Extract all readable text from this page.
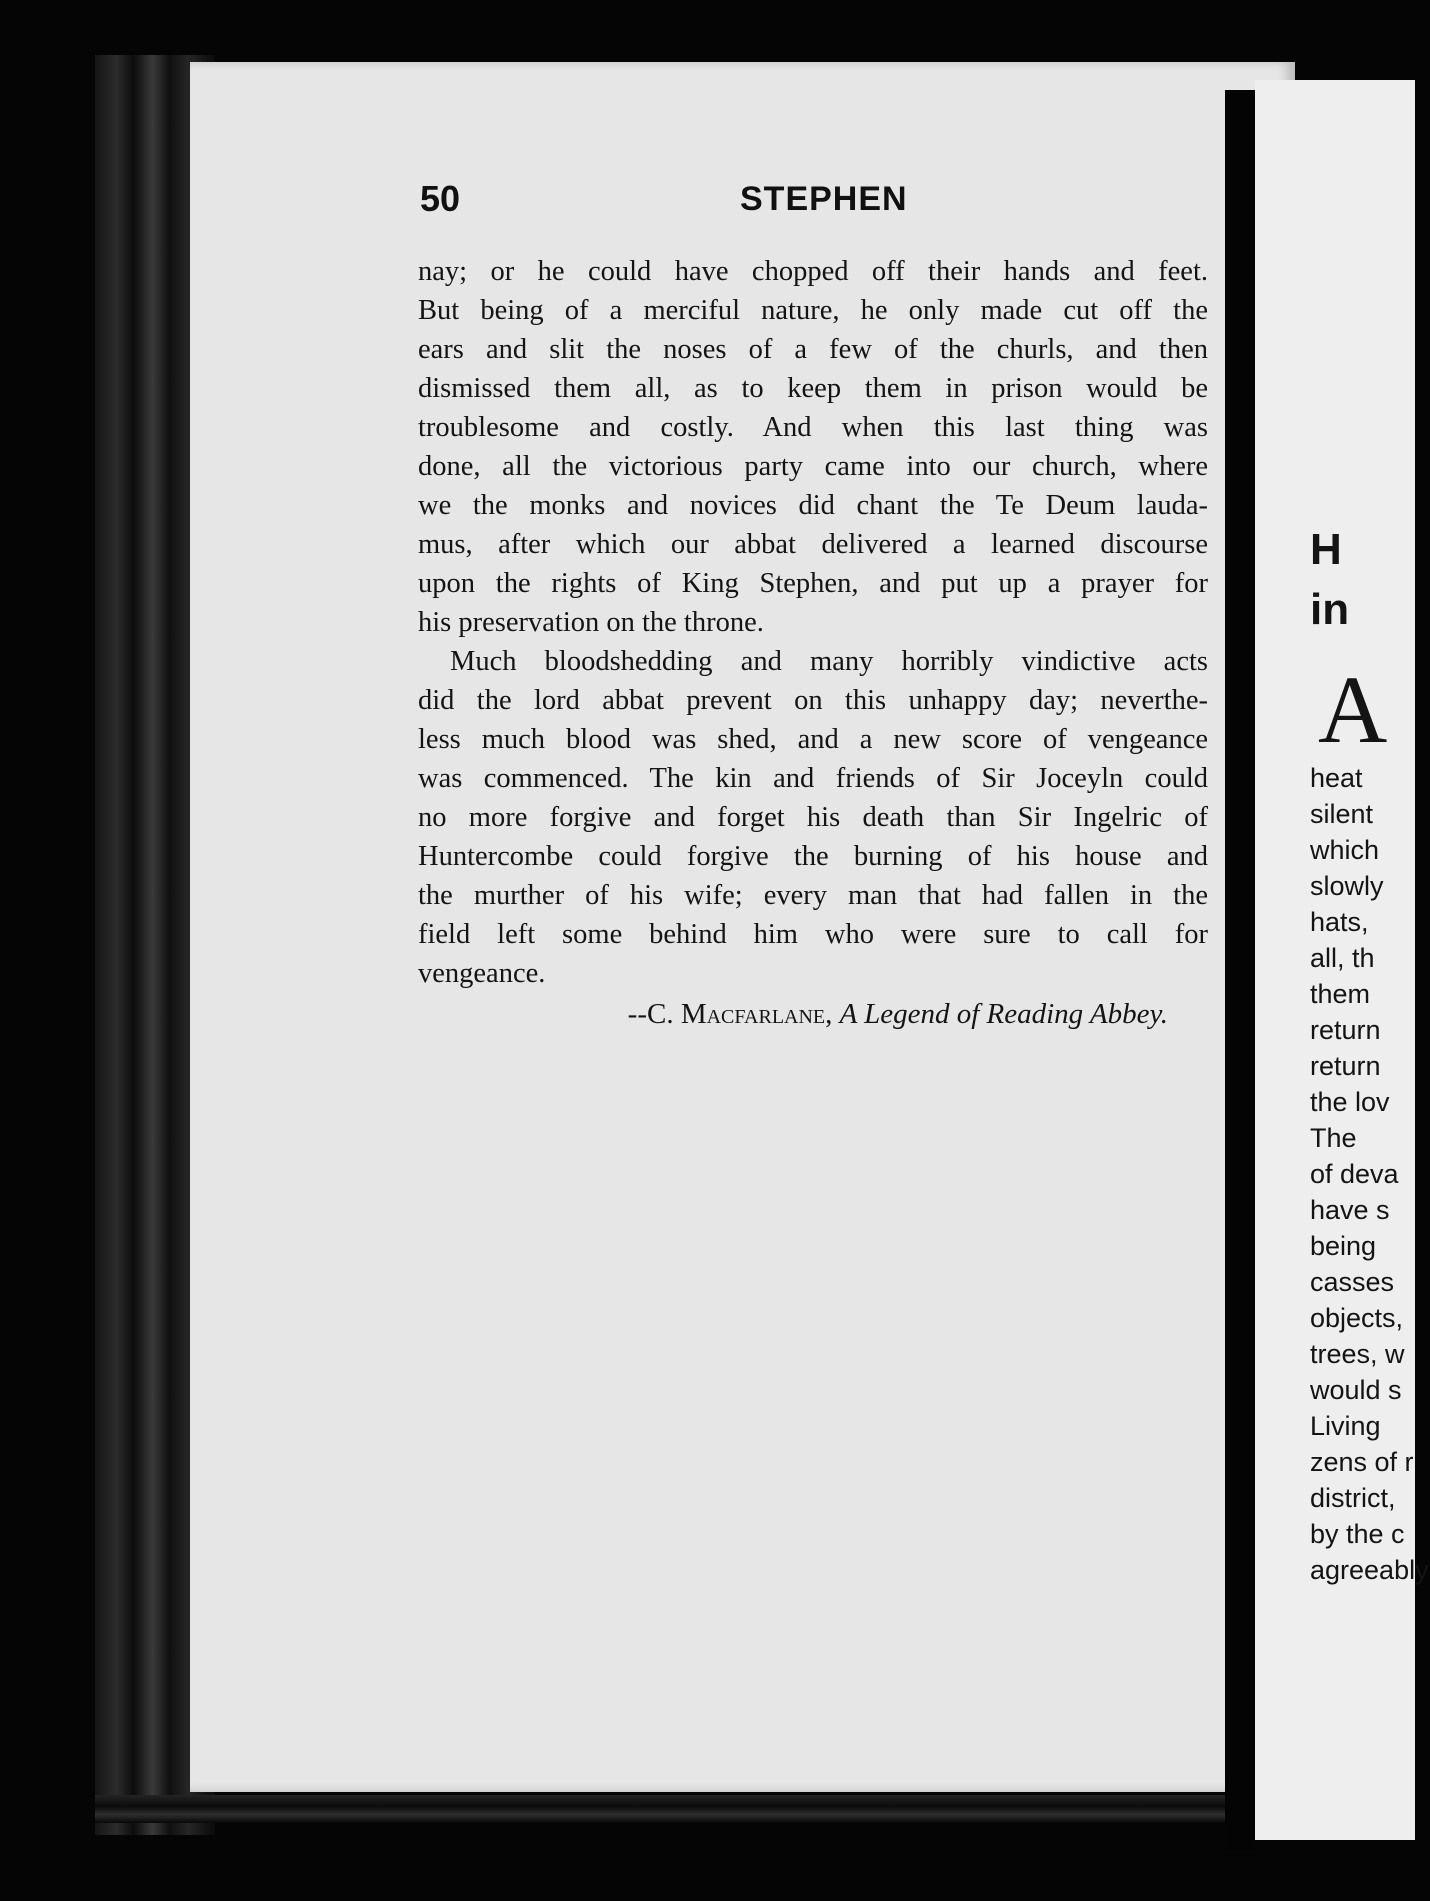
50	STEPHEN
nay; or he could have chopped off their hands and feet.
But being of a merciful nature, he only made cut off the
ears and slit the noses of a few of the churls, and then
dismissed them all, as to keep them in prison would be
troublesome and costly. And when this last thing was
done, all the victorious party came into our church, where
we the monks and novices did chant the Te Deum lauda-
mus, after which our abbat delivered a learned discourse
upon the rights of King Stephen, and put up a prayer for
his preservation on the throne.
Much bloodshedding and many horribly vindictive acts
did the lord abbat prevent on this unhappy day; neverthe-
less much blood was shed, and a new score of vengeance
was commenced. The kin and friends of Sir Joceyln could
no more forgive and forget his death than Sir Ingelric of
Huntercombe could forgive the burning of his house and
the murther of his wife; every man that had fallen in the
field left some behind him who were sure to call for
vengeance.
--C. Macfarlane, A Legend of Reading Abbey.
H
in
A
heat
silent
which
slowly
hats,
all, th
them
return
return
the lov
The
of deva
have s
being
casses
objects,
trees, w
would s
Living
zens of r
district,
by the c
agreeably
